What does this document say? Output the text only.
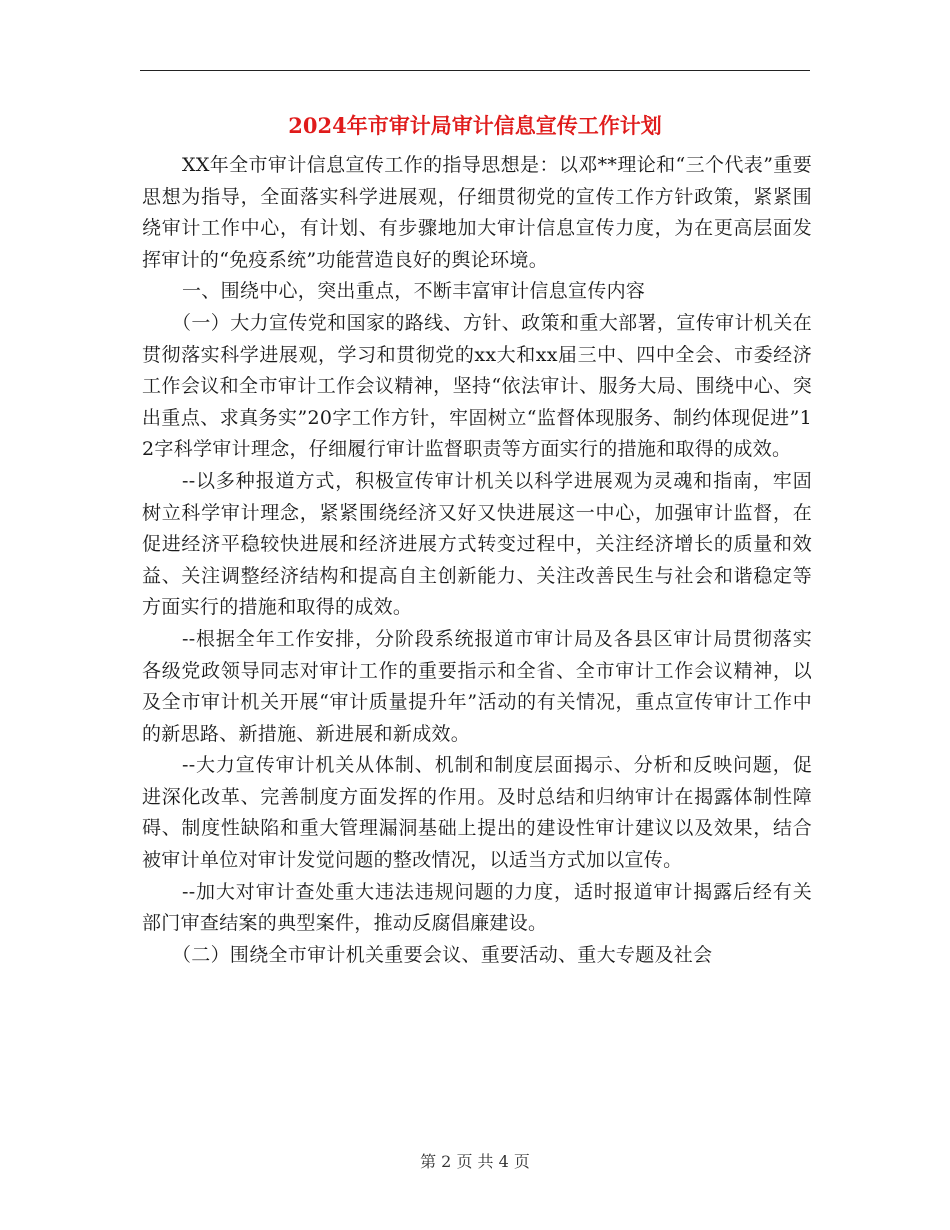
2024年市审计局审计信息宣传工作计划

XX年全市审计信息宣传工作的指导思想是：以邓**理论和“三个代表”重要思想为指导，全面落实科学进展观，仔细贯彻党的宣传工作方针政策，紧紧围绕审计工作中心，有计划、有步骤地加大审计信息宣传力度，为在更高层面发挥审计的“免疫系统”功能营造良好的舆论环境。

一、围绕中心，突出重点，不断丰富审计信息宣传内容

（一）大力宣传党和国家的路线、方针、政策和重大部署，宣传审计机关在贯彻落实科学进展观，学习和贯彻党的xx大和xx届三中、四中全会、市委经济工作会议和全市审计工作会议精神，坚持“依法审计、服务大局、围绕中心、突出重点、求真务实”20字工作方针，牢固树立“监督体现服务、制约体现促进”12字科学审计理念，仔细履行审计监督职责等方面实行的措施和取得的成效。

--以多种报道方式，积极宣传审计机关以科学进展观为灵魂和指南，牢固树立科学审计理念，紧紧围绕经济又好又快进展这一中心，加强审计监督，在促进经济平稳较快进展和经济进展方式转变过程中，关注经济增长的质量和效益、关注调整经济结构和提高自主创新能力、关注改善民生与社会和谐稳定等方面实行的措施和取得的成效。

--根据全年工作安排，分阶段系统报道市审计局及各县区审计局贯彻落实各级党政领导同志对审计工作的重要指示和全省、全市审计工作会议精神，以及全市审计机关开展“审计质量提升年”活动的有关情况，重点宣传审计工作中的新思路、新措施、新进展和新成效。

--大力宣传审计机关从体制、机制和制度层面揭示、分析和反映问题，促进深化改革、完善制度方面发挥的作用。及时总结和归纳审计在揭露体制性障碍、制度性缺陷和重大管理漏洞基础上提出的建设性审计建议以及效果，结合被审计单位对审计发觉问题的整改情况，以适当方式加以宣传。

--加大对审计查处重大违法违规问题的力度，适时报道审计揭露后经有关部门审查结案的典型案件，推动反腐倡廉建设。

（二）围绕全市审计机关重要会议、重要活动、重大专题及社会

第 2 页 共 4 页
